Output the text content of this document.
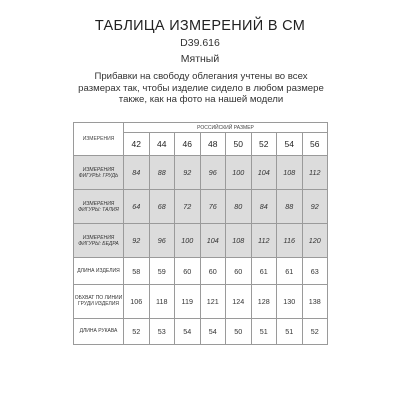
ТАБЛИЦА ИЗМЕРЕНИЙ В СМ
D39.616
Мятный
Прибавки на свободу облегания учтены во всех размерах так, чтобы изделие сидело в любом размере также, как на фото на нашей модели
ИЗМЕРЕНИЯ	РОССИЙСКИЙ РАЗМЕР							
	42	44	46	48	50	52	54	56
ИЗМЕРЕНИЯ ФИГУРЫ: ГРУДЬ	84	88	92	96	100	104	108	112
ИЗМЕРЕНИЯ ФИГУРЫ: ТАЛИЯ	64	68	72	76	80	84	88	92
ИЗМЕРЕНИЯ ФИГУРЫ: БЕДРА	92	96	100	104	108	112	116	120
ДЛИНА ИЗДЕЛИЯ	58	59	60	60	60	61	61	63
ОБХВАТ ПО ЛИНИИ ГРУДИ ИЗДЕЛИЯ	106	118	119	121	124	128	130	138
ДЛИНА РУКАВА	52	53	54	54	50	51	51	52
